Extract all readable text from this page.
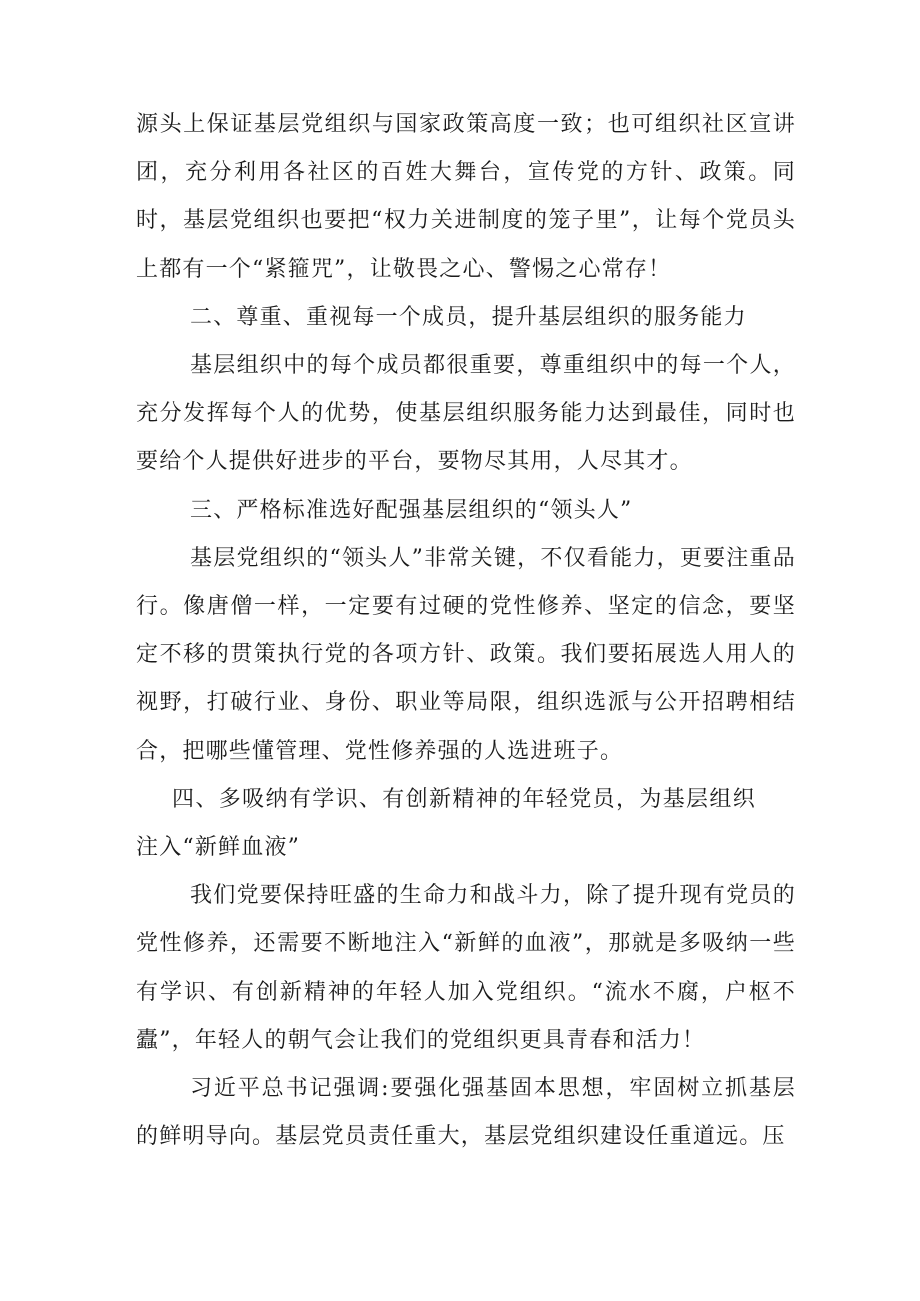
源头上保证基层党组织与国家政策高度一致；也可组织社区宣讲团，充分利用各社区的百姓大舞台，宣传党的方针、政策。同时，基层党组织也要把“权力关进制度的笼子里”，让每个党员头上都有一个“紧箍咒”，让敬畏之心、警惕之心常存！

二、尊重、重视每一个成员，提升基层组织的服务能力

基层组织中的每个成员都很重要，尊重组织中的每一个人，充分发挥每个人的优势，使基层组织服务能力达到最佳，同时也要给个人提供好进步的平台，要物尽其用，人尽其才。

三、严格标准选好配强基层组织的“领头人”

基层党组织的“领头人”非常关键，不仅看能力，更要注重品行。像唐僧一样，一定要有过硬的党性修养、坚定的信念，要坚定不移的贯策执行党的各项方针、政策。我们要拓展选人用人的视野，打破行业、身份、职业等局限，组织选派与公开招聘相结合，把哪些懂管理、党性修养强的人选进班子。

四、多吸纳有学识、有创新精神的年轻党员，为基层组织注入“新鲜血液”

我们党要保持旺盛的生命力和战斗力，除了提升现有党员的党性修养，还需要不断地注入“新鲜的血液”，那就是多吸纳一些有学识、有创新精神的年轻人加入党组织。“流水不腐，户枢不蠹”，年轻人的朝气会让我们的党组织更具青春和活力！

习近平总书记强调:要强化强基固本思想，牢固树立抓基层的鲜明导向。基层党员责任重大，基层党组织建设任重道远。压
